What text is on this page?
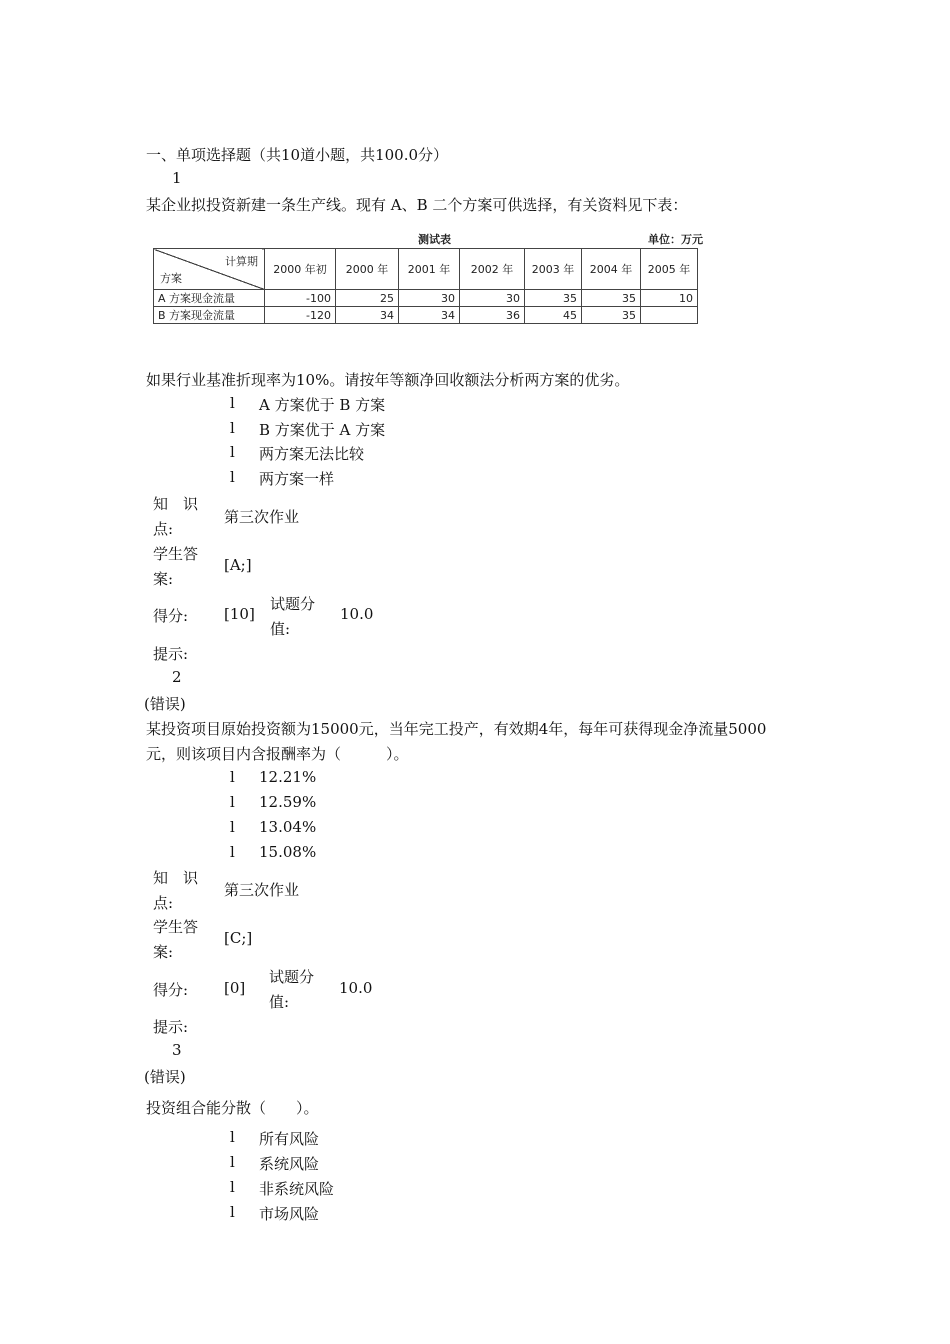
一、单项选择题（共10道小题，共100.0分）
1
某企业拟投资新建一条生产线。现有 A、B 二个方案可供选择，有关资料见下表：
测试表	单位：万元
计算期
方案	2000 年初	2000 年	2001 年	2002 年	2003 年	2004 年	2005 年
A 方案现金流量	-100	25	30	30	35	35	10
B 方案现金流量	-120	34	34	36	45	35	
如果行业基准折现率为10%。请按年等额净回收额法分析两方案的优劣。
l A 方案优于 B 方案
l B 方案优于 A 方案
l 两方案无法比较
l 两方案一样
知　识
点:
第三次作业
学生答
案:
[A;]
得分: [10]
试题分
值:
10.0
提示:
2
(错误)
某投资项目原始投资额为15000元，当年完工投产，有效期4年，每年可获得现金净流量5000
元，则该项目内含报酬率为（　　　）。
l 12.21%
l 12.59%
l 13.04%
l 15.08%
知　识
点:
第三次作业
学生答
案:
[C;]
得分: [0]
试题分
值:
10.0
提示:
3
(错误)
投资组合能分散（　　）。
l 所有风险
l 系统风险
l 非系统风险
l 市场风险
